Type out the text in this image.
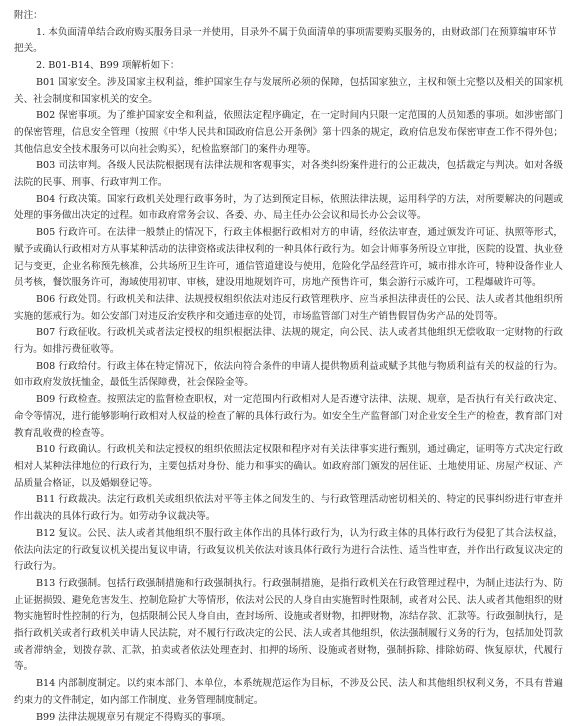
附注：

1. 本负面清单结合政府购买服务目录一并使用，目录外不属于负面清单的事项需要购买服务的，由财政部门在预算编审环节把关。

2. B01-B14、B99 项解析如下：

B01 国家安全。涉及国家主权利益，维护国家生存与发展所必须的保障，包括国家独立，主权和领土完整以及相关的国家机关、社会制度和国家机关的安全。

B02 保密事项。为了维护国家安全和利益，依照法定程序确定，在一定时间内只限一定范围的人员知悉的事项。如涉密部门的保密管理，信息安全管理（按照《中华人民共和国政府信息公开条例》第十四条的规定，政府信息发布保密审查工作不得外包；其他信息安全技术服务可以向社会购买），纪检监察部门的案件办理等。

B03 司法审判。各级人民法院根据现有法律法规和客观事实，对各类纠纷案件进行的公正裁决，包括裁定与判决。如对各级法院的民事、刑事、行政审判工作。

B04 行政决策。国家行政机关处理行政事务时，为了达到预定目标，依照法律法规，运用科学的方法，对所要解决的问题或处理的事务做出决定的过程。如市政府常务会议、各委、办、局主任办公会议和局长办公会议等。

B05 行政许可。在法律一般禁止的情况下，行政主体根据行政相对方的申请，经依法审查，通过颁发许可证、执照等形式，赋予或确认行政相对方从事某种活动的法律资格或法律权利的一种具体行政行为。如会计师事务所设立审批，医院的设置、执业登记与变更，企业名称预先核准，公共场所卫生许可，通信管道建设与使用，危险化学品经营许可，城市排水许可，特种设备作业人员考核，餐饮服务许可，海域使用初审、审核，建设用地规划许可，房地产预售许可，集会游行示威许可，工程爆破许可等。

B06 行政处罚。行政机关和法律、法规授权组织依法对违反行政管理秩序、应当承担法律责任的公民、法人或者其他组织所实施的惩戒行为。如公安部门对违反治安秩序和交通违章的处罚，市场监管部门对生产销售假冒伪劣产品的处罚等。

B07 行政征收。行政机关或者法定授权的组织根据法律、法规的规定，向公民、法人或者其他组织无偿收取一定财物的行政行为。如排污费征收等。

B08 行政给付。行政主体在特定情况下，依法向符合条件的申请人提供物质利益或赋予其他与物质利益有关的权益的行为。如市政府发放抚恤金，最低生活保障费，社会保险金等。

B09 行政检查。按照法定的监督检查职权，对一定范围内行政相对人是否遵守法律、法规、规章，是否执行有关行政决定、命令等情况，进行能够影响行政相对人权益的检查了解的具体行政行为。如安全生产监督部门对企业安全生产的检查，教育部门对教育乱收费的检查等。

B10 行政确认。行政机关和法定授权的组织依照法定权限和程序对有关法律事实进行甄别，通过确定，证明等方式决定行政相对人某种法律地位的行政行为，主要包括对身份、能力和事实的确认。如政府部门颁发的居住证、土地使用证、房屋产权证、产品质量合格证，以及婚姻登记等。

B11 行政裁决。法定行政机关或组织依法对平等主体之间发生的、与行政管理活动密切相关的、特定的民事纠纷进行审查并作出裁决的具体行政行为。如劳动争议裁决等。

B12 复议。公民、法人或者其他组织不服行政主体作出的具体行政行为，认为行政主体的具体行政行为侵犯了其合法权益，依法向法定的行政复议机关提出复议申请，行政复议机关依法对该具体行政行为进行合法性、适当性审查，并作出行政复议决定的行政行为。

B13 行政强制。包括行政强制措施和行政强制执行。行政强制措施，是指行政机关在行政管理过程中，为制止违法行为、防止证据损毁、避免危害发生、控制危险扩大等情形，依法对公民的人身自由实施暂时性限制，或者对公民、法人或者其他组织的财物实施暂时性控制的行为，包括限制公民人身自由，查封场所、设施或者财物，扣押财物，冻结存款、汇款等。行政强制执行，是指行政机关或者行政机关申请人民法院，对不履行行政决定的公民、法人或者其他组织，依法强制履行义务的行为，包括加处罚款或者滞纳金，划拨存款、汇款，拍卖或者依法处理查封、扣押的场所、设施或者财物，强制拆除、排除妨碍、恢复原状，代履行等。

B14 内部制度制定。以约束本部门、本单位，本系统规范运作为目标，不涉及公民、法人和其他组织权利义务，不具有普遍约束力的文件制定，如内部工作制度、业务管理制度制定。

B99 法律法规规章另有规定不得购买的事项。
